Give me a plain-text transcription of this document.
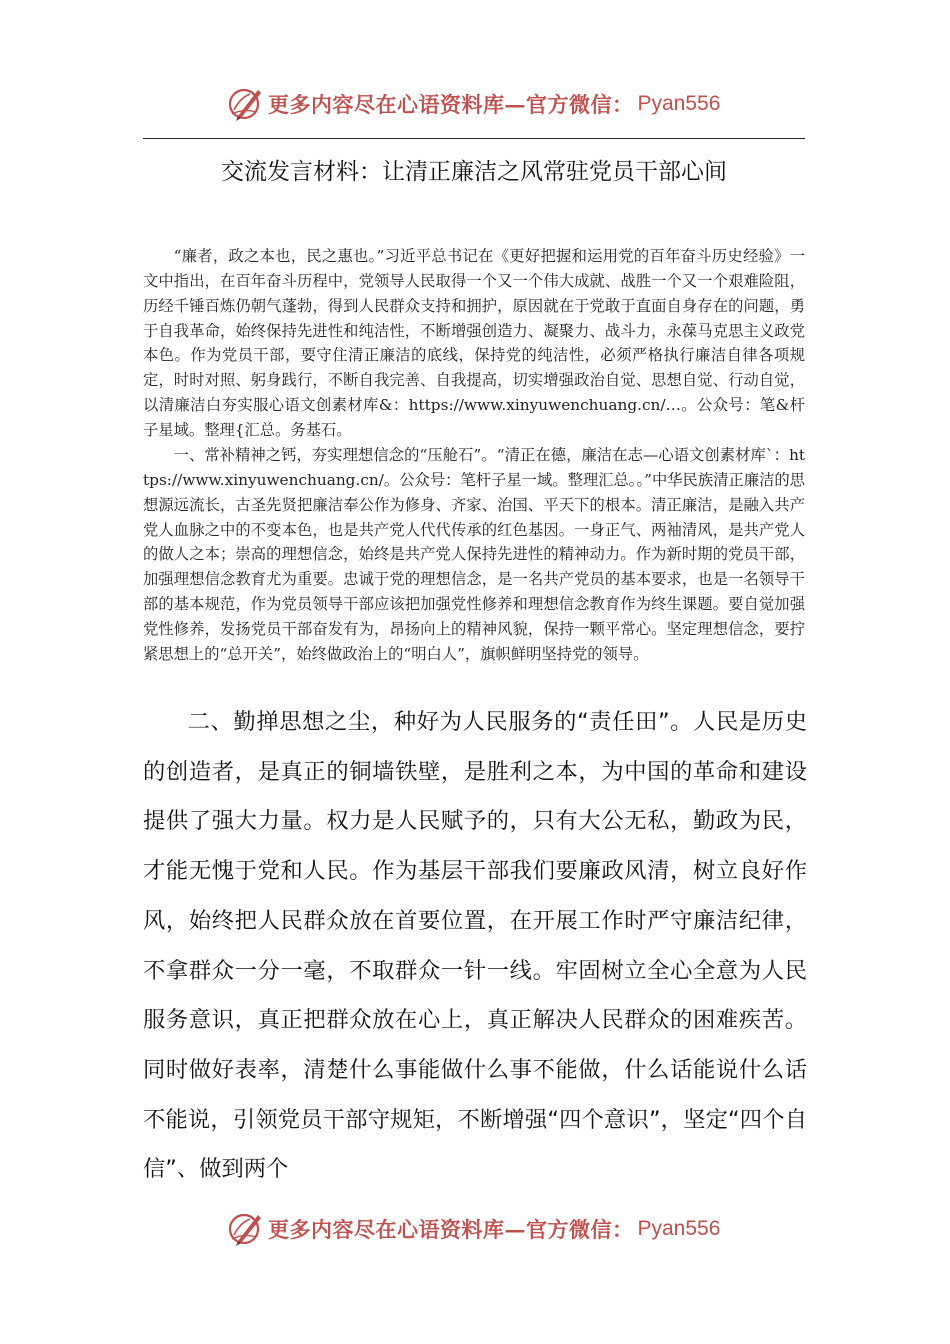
更多内容尽在心语资料库—官方微信： Pyan556
交流发言材料：让清正廉洁之风常驻党员干部心间

“廉者，政之本也，民之惠也。”习近平总书记在《更好把握和运用党的百年奋斗历史经验》一文中指出，在百年奋斗历程中，党领导人民取得一个又一个伟大成就、战胜一个又一个艰难险阻，历经千锤百炼仍朝气蓬勃，得到人民群众支持和拥护，原因就在于党敢于直面自身存在的问题，勇于自我革命，始终保持先进性和纯洁性，不断增强创造力、凝聚力、战斗力，永葆马克思主义政党本色。作为党员干部，要守住清正廉洁的底线，保持党的纯洁性，必须严格执行廉洁自律各项规定，时时对照、躬身践行，不断自我完善、自我提高，切实增强政治自觉、思想自觉、行动自觉，以清廉洁白夯实服心语文创素材库&：https://www.xinyuwenchuang.cn/…。公众号：笔&杆子星域。整理{汇总。务基石。

一、常补精神之钙，夯实理想信念的“压舱石”。“清正在德，廉洁在志—心语文创素材库`：https://www.xinyuwenchuang.cn/。公众号：笔杆子星一域。整理汇总。。”中华民族清正廉洁的思想源远流长，古圣先贤把廉洁奉公作为修身、齐家、治国、平天下的根本。清正廉洁，是融入共产党人血脉之中的不变本色，也是共产党人代代传承的红色基因。一身正气、两袖清风，是共产党人的做人之本；崇高的理想信念，始终是共产党人保持先进性的精神动力。作为新时期的党员干部，加强理想信念教育尤为重要。忠诚于党的理想信念，是一名共产党员的基本要求，也是一名领导干部的基本规范，作为党员领导干部应该把加强党性修养和理想信念教育作为终生课题。要自觉加强党性修养，发扬党员干部奋发有为，昂扬向上的精神风貌，保持一颗平常心。坚定理想信念，要拧紧思想上的“总开关”，始终做政治上的“明白人”，旗帜鲜明坚持党的领导。

二、勤掸思想之尘，种好为人民服务的“责任田”。人民是历史的创造者，是真正的铜墙铁壁，是胜利之本，为中国的革命和建设提供了强大力量。权力是人民赋予的，只有大公无私，勤政为民，才能无愧于党和人民。作为基层干部我们要廉政风清，树立良好作风，始终把人民群众放在首要位置，在开展工作时严守廉洁纪律，不拿群众一分一毫，不取群众一针一线。牢固树立全心全意为人民服务意识，真正把群众放在心上，真正解决人民群众的困难疾苦。同时做好表率，清楚什么事能做什么事不能做，什么话能说什么话不能说，引领党员干部守规矩，不断增强“四个意识”，坚定“四个自信”、做到两个

更多内容尽在心语资料库—官方微信： Pyan556
